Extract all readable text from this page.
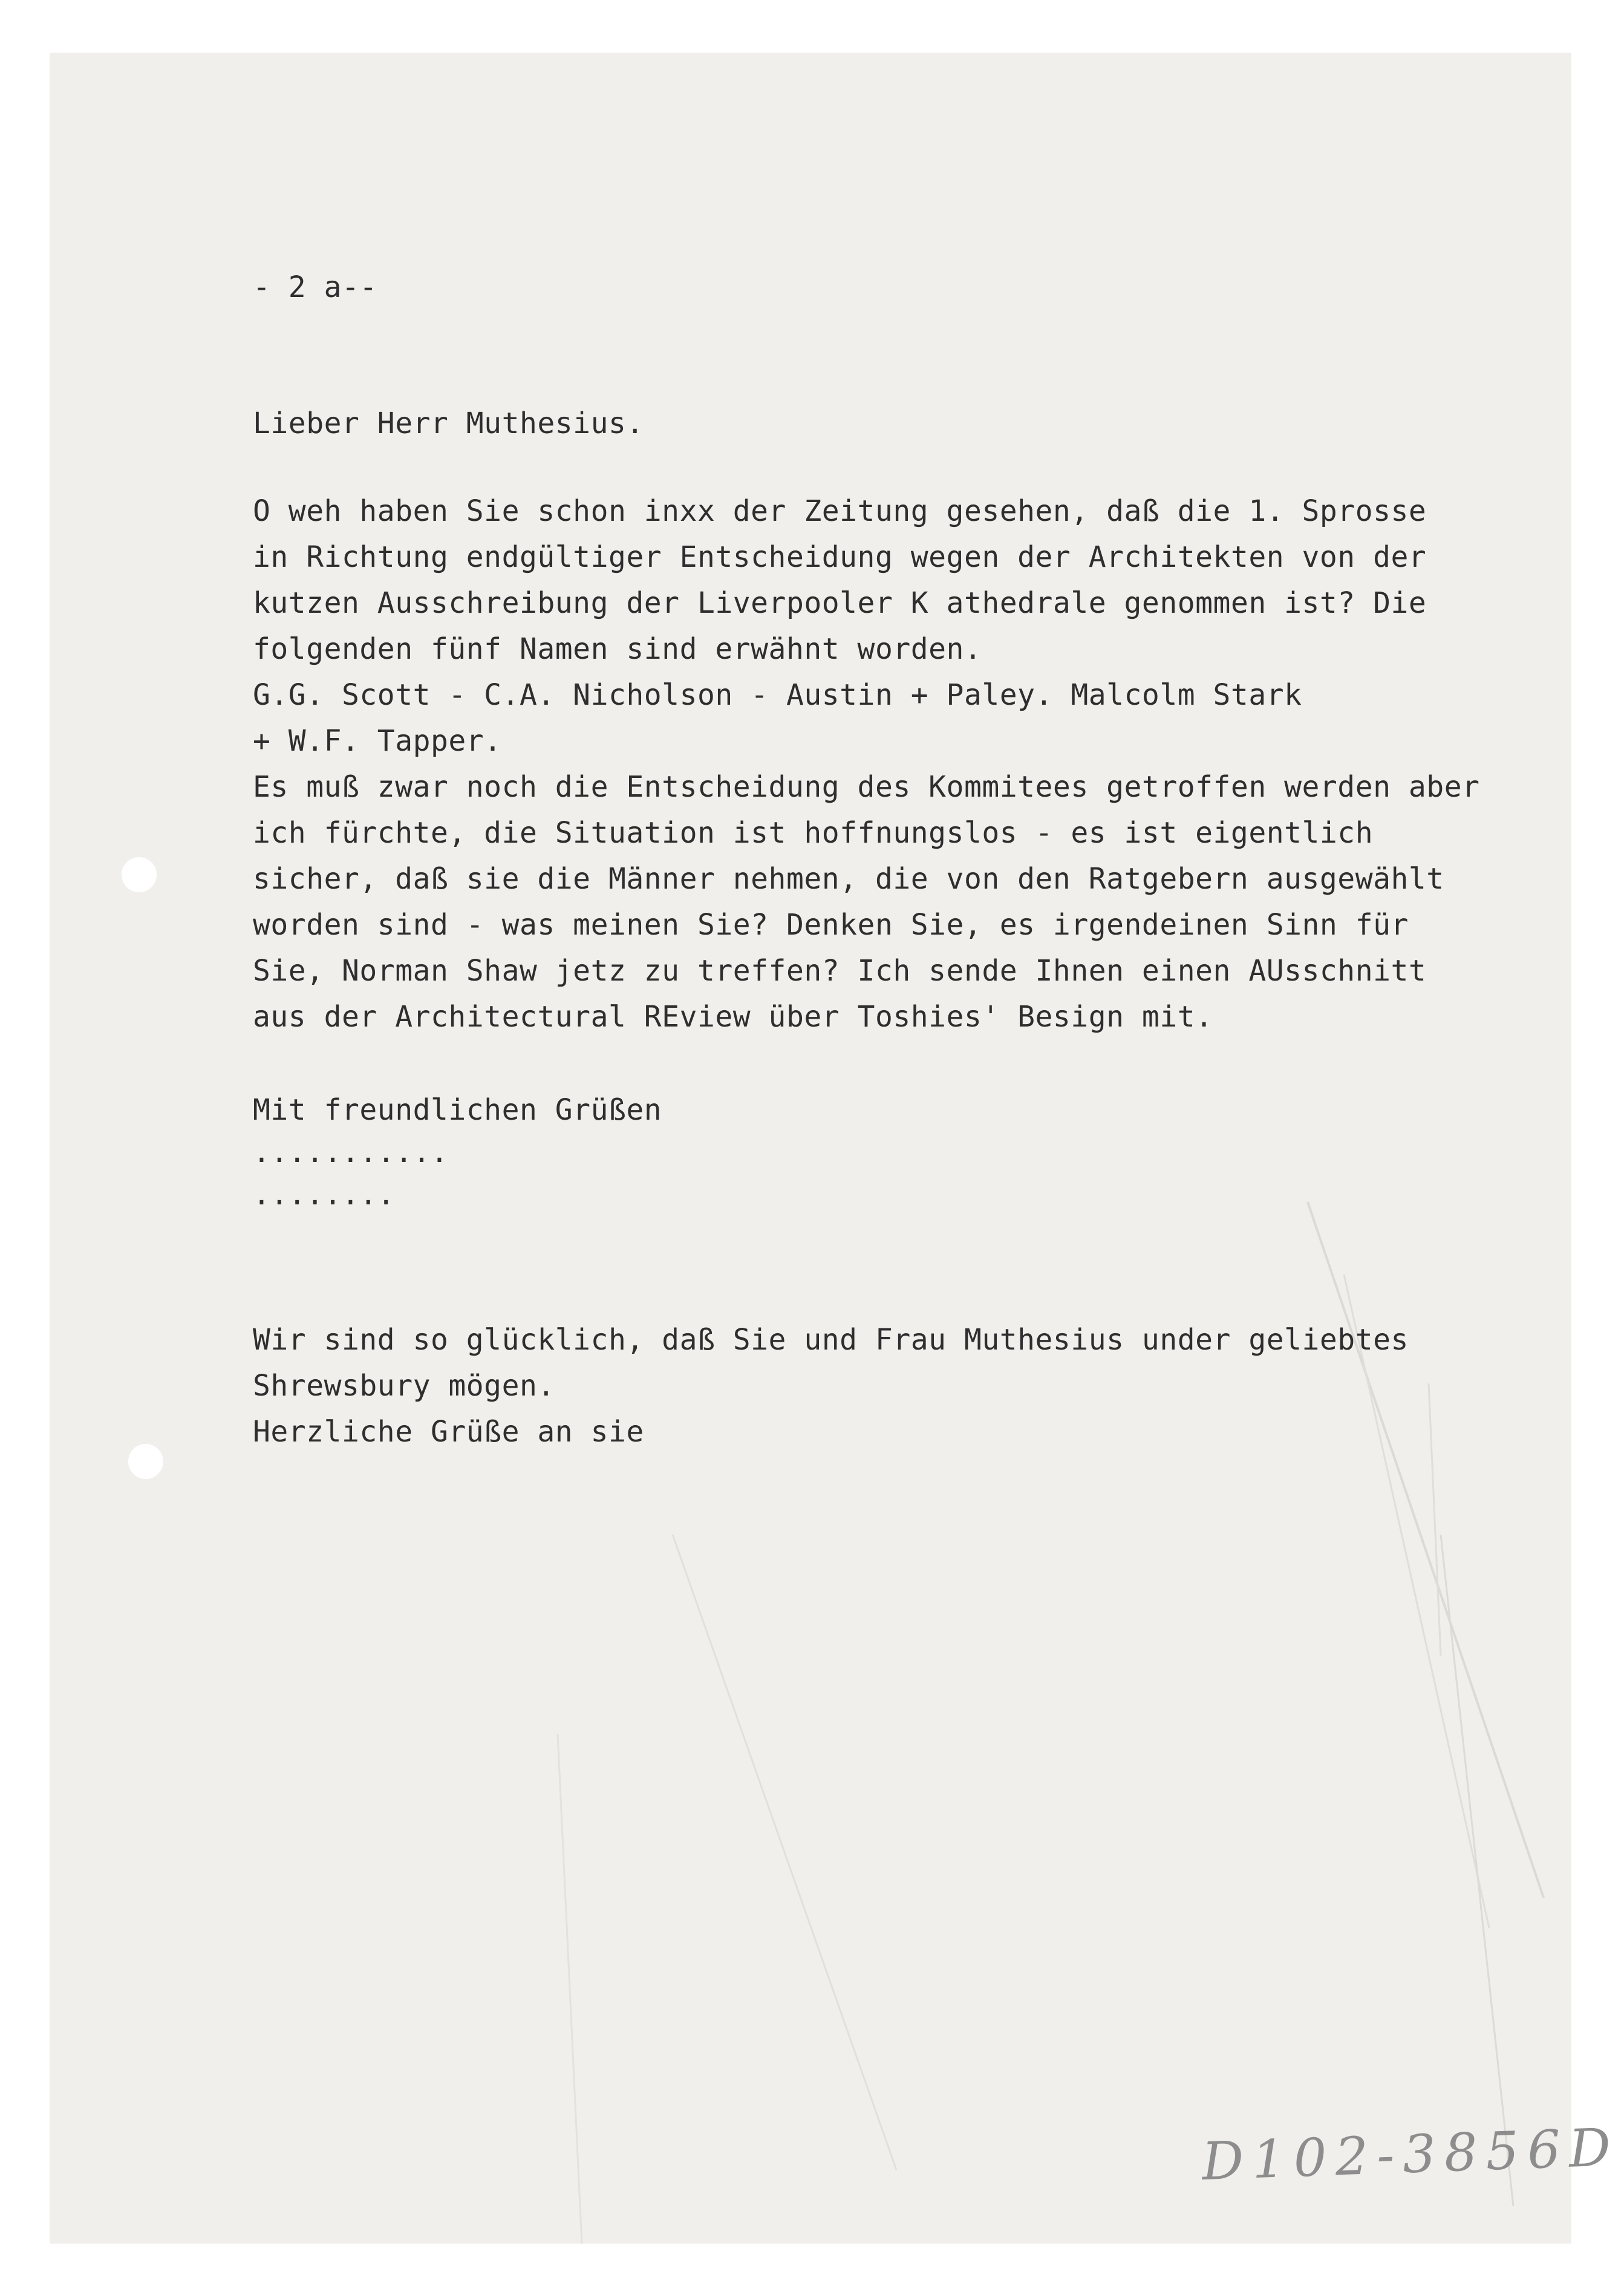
- 2 a--
Lieber Herr Muthesius.
O weh haben Sie schon inxx der Zeitung gesehen, daß die 1. Sprosse
in Richtung endgültiger Entscheidung wegen der Architekten von der
kutzen Ausschreibung der Liverpooler K athedrale genommen ist? Die
folgenden fünf Namen sind erwähnt worden.
G.G. Scott - C.A. Nicholson - Austin + Paley. Malcolm Stark
+ W.F. Tapper.
Es muß zwar noch die Entscheidung des Kommitees getroffen werden aber
ich fürchte, die Situation ist hoffnungslos - es ist eigentlich
sicher, daß sie die Männer nehmen, die von den Ratgebern ausgewählt
worden sind - was meinen Sie? Denken Sie, es irgendeinen Sinn für
Sie, Norman Shaw jetz zu treffen? Ich sende Ihnen einen AUsschnitt
aus der Architectural REview über Toshies' Besign mit.
Mit freundlichen Grüßen
...........
........
Wir sind so glücklich, daß Sie und Frau Muthesius under geliebtes
Shrewsbury mögen.
Herzliche Grüße an sie
D102-3856D
